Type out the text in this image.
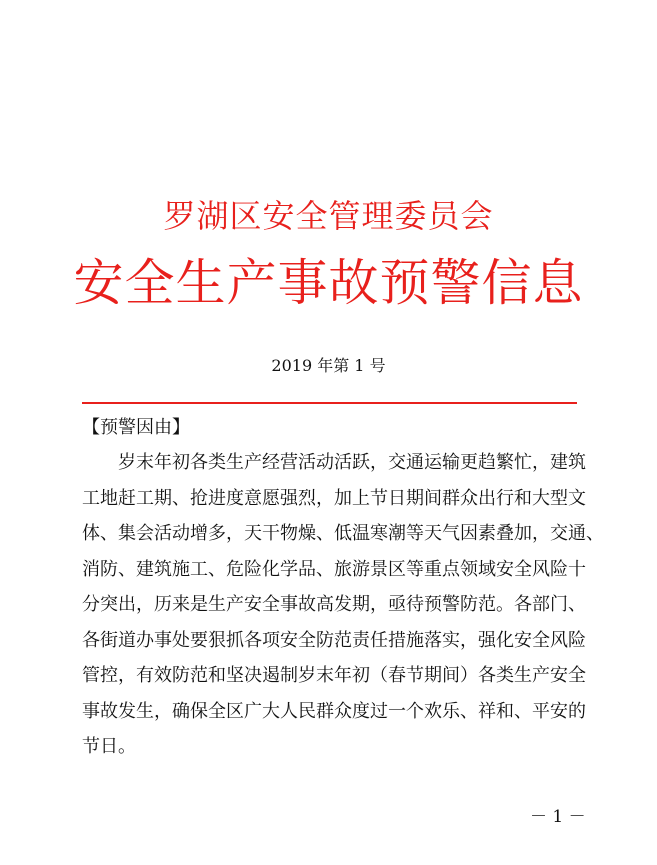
罗湖区安全管理委员会
安全生产事故预警信息
2019 年第 1 号
【预警因由】
岁末年初各类生产经营活动活跃，交通运输更趋繁忙，建筑
工地赶工期、抢进度意愿强烈，加上节日期间群众出行和大型文
体、集会活动增多，天干物燥、低温寒潮等天气因素叠加，交通、
消防、建筑施工、危险化学品、旅游景区等重点领域安全风险十
分突出，历来是生产安全事故高发期，亟待预警防范。各部门、
各街道办事处要狠抓各项安全防范责任措施落实，强化安全风险
管控，有效防范和坚决遏制岁末年初（春节期间）各类生产安全
事故发生，确保全区广大人民群众度过一个欢乐、祥和、平安的
节日。
－ 1 －
